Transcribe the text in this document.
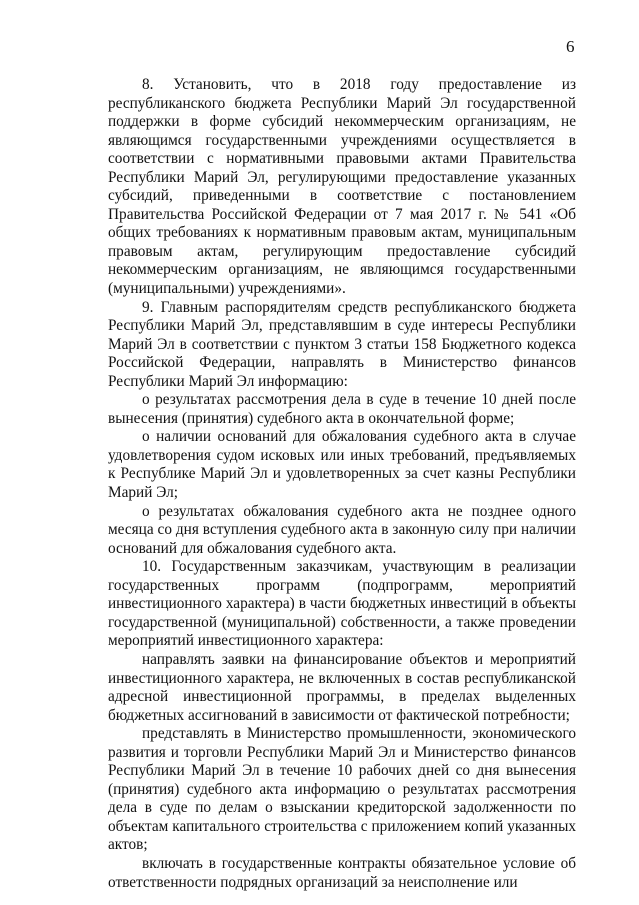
6

8. Установить, что в 2018 году предоставление из республиканского бюджета Республики Марий Эл государственной поддержки в форме субсидий некоммерческим организациям, не являющимся государственными учреждениями осуществляется в соответствии с нормативными правовыми актами Правительства Республики Марий Эл, регулирующими предоставление указанных субсидий, приведенными в соответствие с постановлением Правительства Российской Федерации от 7 мая 2017 г. № 541 «Об общих требованиях к нормативным правовым актам, муниципальным правовым актам, регулирующим предоставление субсидий некоммерческим организациям, не являющимся государственными (муниципальными) учреждениями».

9. Главным распорядителям средств республиканского бюджета Республики Марий Эл, представлявшим в суде интересы Республики Марий Эл в соответствии с пунктом 3 статьи 158 Бюджетного кодекса Российской Федерации, направлять в Министерство финансов Республики Марий Эл информацию:

о результатах рассмотрения дела в суде в течение 10 дней после вынесения (принятия) судебного акта в окончательной форме;

о наличии оснований для обжалования судебного акта в случае удовлетворения судом исковых или иных требований, предъявляемых к Республике Марий Эл и удовлетворенных за счет казны Республики Марий Эл;

о результатах обжалования судебного акта не позднее одного месяца со дня вступления судебного акта в законную силу при наличии оснований для обжалования судебного акта.

10. Государственным заказчикам, участвующим в реализации государственных программ (подпрограмм, мероприятий инвестиционного характера) в части бюджетных инвестиций в объекты государственной (муниципальной) собственности, а также проведении мероприятий инвестиционного характера:

направлять заявки на финансирование объектов и мероприятий инвестиционного характера, не включенных в состав республиканской адресной инвестиционной программы, в пределах выделенных бюджетных ассигнований в зависимости от фактической потребности;

представлять в Министерство промышленности, экономического развития и торговли Республики Марий Эл и Министерство финансов Республики Марий Эл в течение 10 рабочих дней со дня вынесения (принятия) судебного акта информацию о результатах рассмотрения дела в суде по делам о взыскании кредиторской задолженности по объектам капитального строительства с приложением копий указанных актов;

включать в государственные контракты обязательное условие об ответственности подрядных организаций за неисполнение или
